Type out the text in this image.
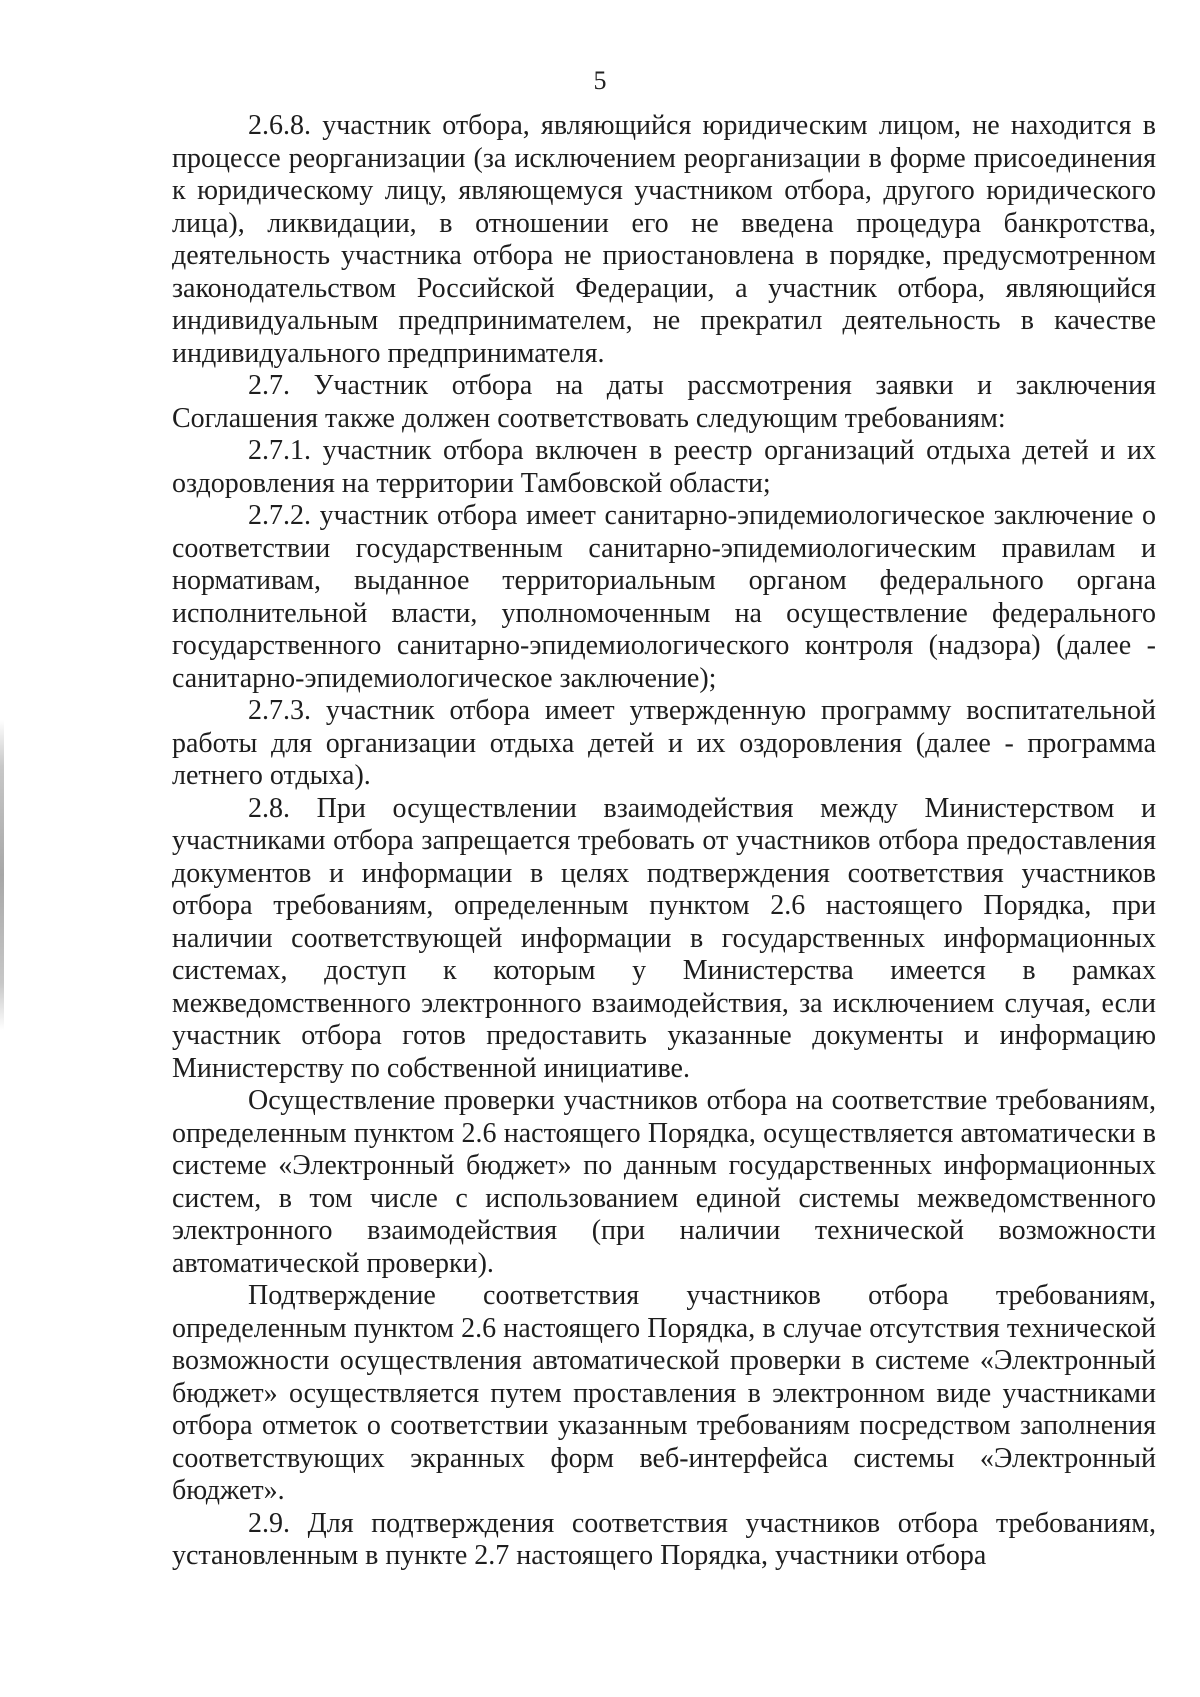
5

2.6.8. участник отбора, являющийся юридическим лицом, не находится в процессе реорганизации (за исключением реорганизации в форме присоединения к юридическому лицу, являющемуся участником отбора, другого юридического лица), ликвидации, в отношении его не введена процедура банкротства, деятельность участника отбора не приостановлена в порядке, предусмотренном законодательством Российской Федерации, а участник отбора, являющийся индивидуальным предпринимателем, не прекратил деятельность в качестве индивидуального предпринимателя.

2.7. Участник отбора на даты рассмотрения заявки и заключения Соглашения также должен соответствовать следующим требованиям:

2.7.1. участник отбора включен в реестр организаций отдыха детей и их оздоровления на территории Тамбовской области;

2.7.2. участник отбора имеет санитарно-эпидемиологическое заключение о соответствии государственным санитарно-эпидемиологическим правилам и нормативам, выданное территориальным органом федерального органа исполнительной власти, уполномоченным на осуществление федерального государственного санитарно-эпидемиологического контроля (надзора) (далее - санитарно-эпидемиологическое заключение);

2.7.3. участник отбора имеет утвержденную программу воспитательной работы для организации отдыха детей и их оздоровления (далее - программа летнего отдыха).

2.8. При осуществлении взаимодействия между Министерством и участниками отбора запрещается требовать от участников отбора предоставления документов и информации в целях подтверждения соответствия участников отбора требованиям, определенным пунктом 2.6 настоящего Порядка, при наличии соответствующей информации в государственных информационных системах, доступ к которым у Министерства имеется в рамках межведомственного электронного взаимодействия, за исключением случая, если участник отбора готов предоставить указанные документы и информацию Министерству по собственной инициативе.

Осуществление проверки участников отбора на соответствие требованиям, определенным пунктом 2.6 настоящего Порядка, осуществляется автоматически в системе «Электронный бюджет» по данным государственных информационных систем, в том числе с использованием единой системы межведомственного электронного взаимодействия (при наличии технической возможности автоматической проверки).

Подтверждение соответствия участников отбора требованиям, определенным пунктом 2.6 настоящего Порядка, в случае отсутствия технической возможности осуществления автоматической проверки в системе «Электронный бюджет» осуществляется путем проставления в электронном виде участниками отбора отметок о соответствии указанным требованиям посредством заполнения соответствующих экранных форм веб-интерфейса системы «Электронный бюджет».

2.9. Для подтверждения соответствия участников отбора требованиям, установленным в пункте 2.7 настоящего Порядка, участники отбора
